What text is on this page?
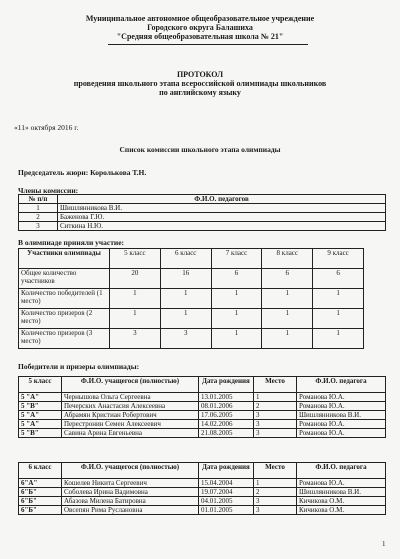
Муниципальное автономное общеобразовательное учреждение
Городского округа Балашиха
"Средняя общеобразовательная школа № 21"
ПРОТОКОЛ
проведения школьного этапа всероссийской олимпиады школьников
по английскому языку
«11» октября 2016 г.
Список комиссии школьного этапа олимпиады
Председатель жюри: Королькова Т.Н.
Члены комиссии:
№ п/п	Ф.И.О. педагогов
1	Шишлянникова В.И.
2	Баженова Г.Ю.
3	Ситкина Н.Ю.
В олимпиаде приняли участие:
Участники олимпиады	5 класс	6 класс	7 класс	8 класс	9 класс
Общее количество участников	20	16	6	6	6
Количество победителей (1 место)	1	1	1	1	1
Количество призеров (2 место)	1	1	1	1	1
Количество призеров (3 место)	3	3	1	1	1
Победители и призеры олимпиады:
5 класс	Ф.И.О. учащегося (полностью)	Дата рождения	Место	Ф.И.О. педагога
5 "А"	Чернышова Ольга Сергеевна	13.01.2005	1	Романова Ю.А.
5 "В"	Печерских Анастасия Алексеевна	08.01.2006	2	Романова Ю.А.
5 "А"	Абрамян Кристиан Робертович	17.06.2005	3	Шишлянникова В.И.
5 "А"	Перестронин Семен Алексеевич	14.02.2006	3	Романова Ю.А.
5 "В"	Савина Арина Евгеньевна	21.08.2005	3	Романова Ю.А.
6 класс	Ф.И.О. учащегося (полностью)	Дата рождения	Место	Ф.И.О. педагога
6"А"	Кошелев Никита Сергеевич	15.04.2004	1	Романова Ю.А.
6"Б"	Соболева Ирина Вадимовна	19.07.2004	2	Шишлянникова В.И.
6"Б"	Абазова Милена Батировна	04.01.2005	3	Кичикова О.М.
6"Б"	Овсепян Рима Руслановна	01.01.2005	3	Кичикова О.М.
1
